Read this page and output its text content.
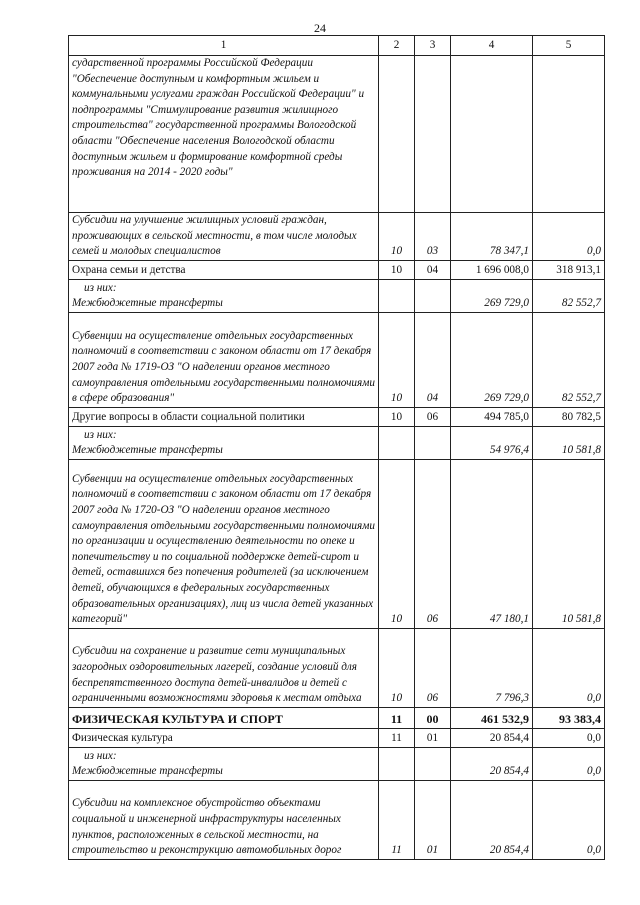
24
1	2	3	4	5
сударственной программы Российской Федерации "Обеспечение доступным и комфортным жильем и коммунальными услугами граждан Российской Федерации" и подпрограммы "Стимулирование развития жилищного строительства" государственной программы Вологодской области "Обеспечение населения Вологодской области доступным жильем и формирование комфортной среды проживания на 2014 - 2020 годы"				
Субсидии на улучшение жилищных условий граждан, проживающих в сельской местности, в том числе молодых семей и молодых специалистов	10	03	78 347,1	0,0
Охрана семьи и детства	10	04	1 696 008,0	318 913,1

из них:
Межбюджетные трансферты			269 729,0	82 552,7
Субвенции на осуществление отдельных государственных полномочий в соответствии с законом области от 17 декабря 2007 года № 1719-ОЗ "О наделении органов местного самоуправления отдельными государственными полномочиями в сфере образования"	10	04	269 729,0	82 552,7
Другие вопросы в области социальной политики	10	06	494 785,0	80 782,5

из них:
Межбюджетные трансферты			54 976,4	10 581,8
Субвенции на осуществление отдельных государственных полномочий в соответствии с законом области от 17 декабря 2007 года № 1720-ОЗ "О наделении органов местного самоуправления отдельными государственными полномочиями по организации и осуществлению деятельности по опеке и попечительству и по социальной поддержке детей-сирот и детей, оставшихся без попечения родителей (за исключением детей, обучающихся в федеральных государственных образовательных организациях), лиц из числа детей указанных категорий"	10	06	47 180,1	10 581,8
Субсидии на сохранение и развитие сети муниципальных загородных оздоровительных лагерей, создание условий для беспрепятственного доступа детей-инвалидов и детей с ограниченными возможностями здоровья к местам отдыха	10	06	7 796,3	0,0
ФИЗИЧЕСКАЯ КУЛЬТУРА И СПОРТ	11	00	461 532,9	93 383,4
Физическая культура	11	01	20 854,4	0,0

из них:
Межбюджетные трансферты			20 854,4	0,0
Субсидии на комплексное обустройство объектами социальной и инженерной инфраструктуры населенных пунктов, расположенных в сельской местности, на строительство и реконструкцию автомобильных дорог	11	01	20 854,4	0,0
